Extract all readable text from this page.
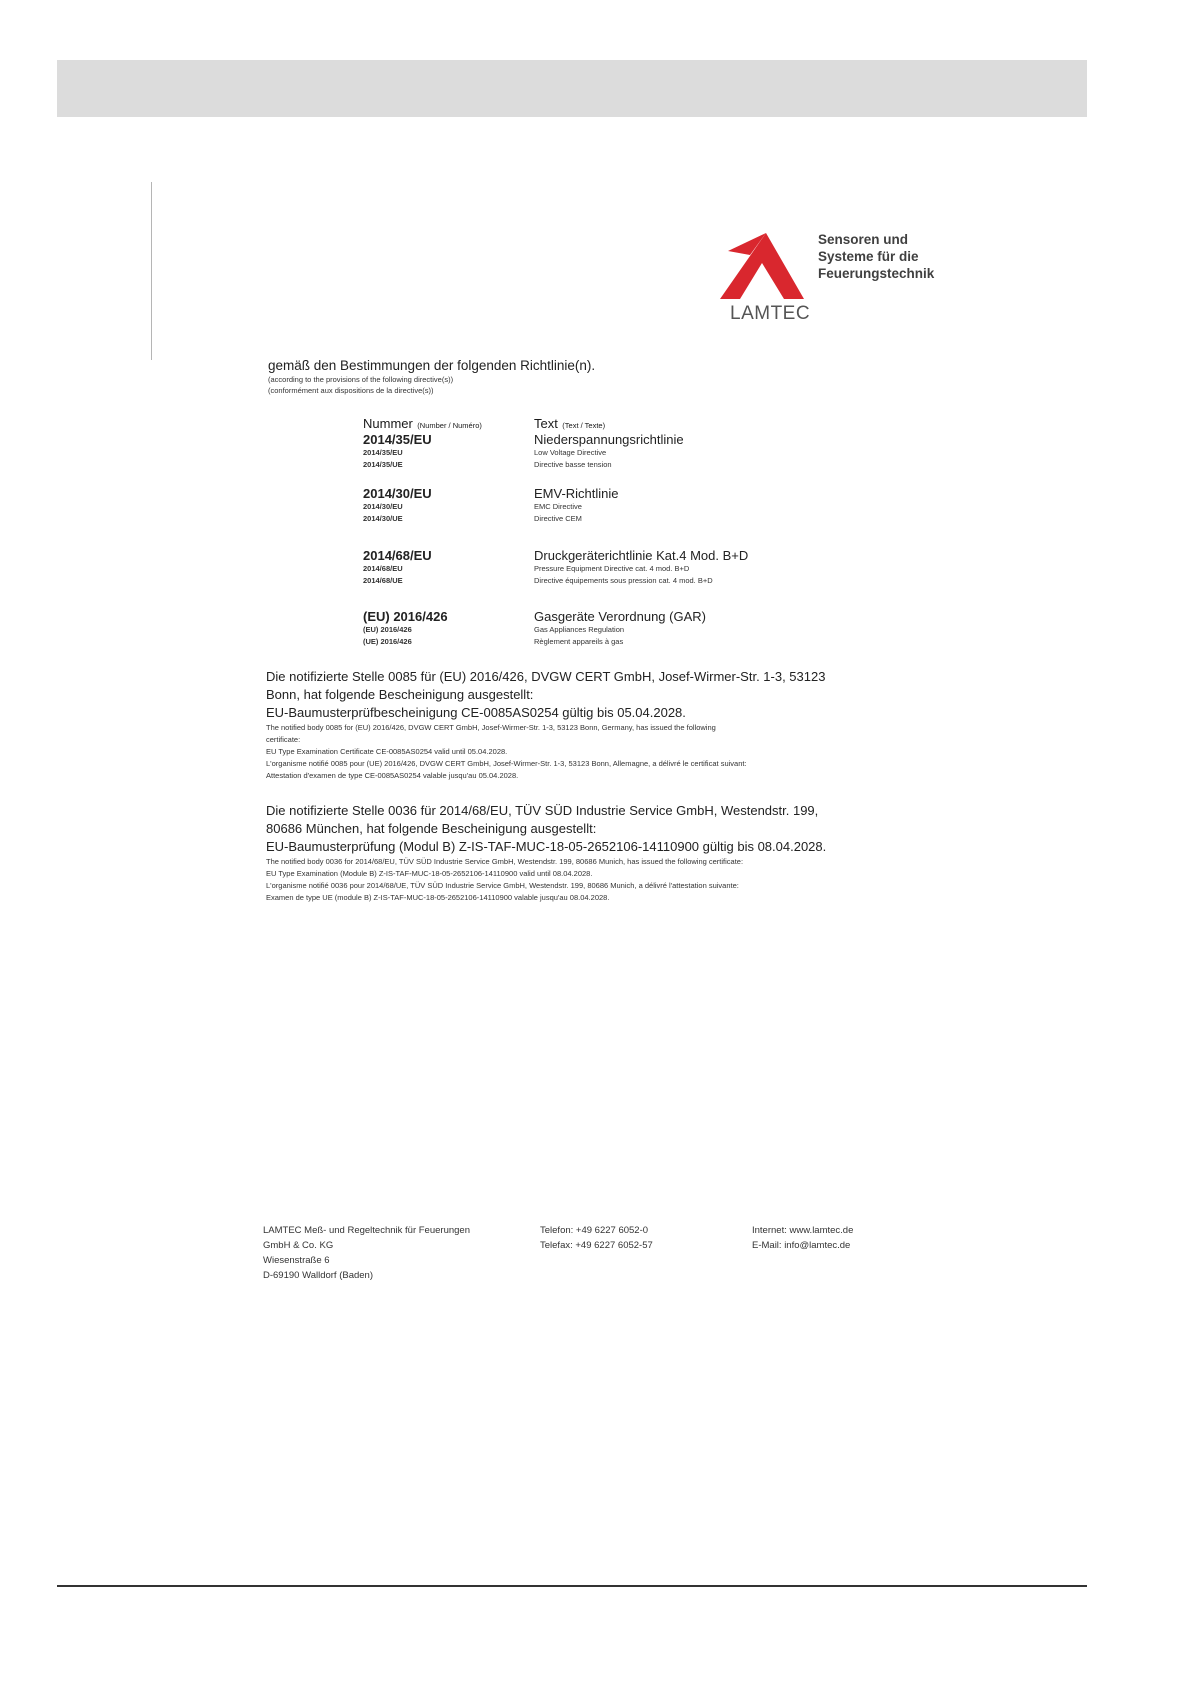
Sensoren und
Systeme für die
Feuerungstechnik
LAMTEC
gemäß den Bestimmungen der folgenden Richtlinie(n).
(according to the provisions of the following directive(s))
(conformément aux dispositions de la directive(s))
Nummer (Number / Numéro)	Text (Text / Texte)
2014/35/EU
2014/35/EU
2014/35/UE
Niederspannungsrichtlinie
Low Voltage Directive
Directive basse tension
2014/30/EU
2014/30/EU
2014/30/UE
EMV-Richtlinie
EMC Directive
Directive CEM
2014/68/EU
2014/68/EU
2014/68/UE
Druckgeräterichtlinie Kat.4 Mod. B+D
Pressure Equipment Directive cat. 4 mod. B+D
Directive équipements sous pression cat. 4 mod. B+D
(EU) 2016/426
(EU) 2016/426
(UE) 2016/426
Gasgeräte Verordnung (GAR)
Gas Appliances Regulation
Règlement appareils à gas
Die notifizierte Stelle 0085 für (EU) 2016/426, DVGW CERT GmbH, Josef-Wirmer-Str. 1-3, 53123
Bonn, hat folgende Bescheinigung ausgestellt:
EU-Baumusterprüfbescheinigung CE-0085AS0254 gültig bis 05.04.2028.
The notified body 0085 for (EU) 2016/426, DVGW CERT GmbH, Josef-Wirmer-Str. 1-3, 53123 Bonn, Germany, has issued the following
certificate:
EU Type Examination Certificate CE-0085AS0254 valid until 05.04.2028.
L'organisme notifié 0085 pour (UE) 2016/426, DVGW CERT GmbH, Josef-Wirmer-Str. 1-3, 53123 Bonn, Allemagne, a délivré le certificat suivant:
Attestation d'examen de type CE-0085AS0254 valable jusqu'au 05.04.2028.
Die notifizierte Stelle 0036 für 2014/68/EU, TÜV SÜD Industrie Service GmbH, Westendstr. 199,
80686 München, hat folgende Bescheinigung ausgestellt:
EU-Baumusterprüfung (Modul B) Z-IS-TAF-MUC-18-05-2652106-14110900 gültig bis 08.04.2028.
The notified body 0036 for 2014/68/EU, TÜV SÜD Industrie Service GmbH, Westendstr. 199, 80686 Munich, has issued the following certificate:
EU Type Examination (Module B) Z-IS-TAF-MUC-18-05-2652106-14110900 valid until 08.04.2028.
L'organisme notifié 0036 pour 2014/68/UE, TÜV SÜD Industrie Service GmbH, Westendstr. 199, 80686 Munich, a délivré l'attestation suivante:
Examen de type UE (module B) Z-IS-TAF-MUC-18-05-2652106-14110900 valable jusqu'au 08.04.2028.
LAMTEC Meß- und Regeltechnik für Feuerungen
GmbH & Co. KG
Wiesenstraße 6
D-69190 Walldorf (Baden)
Telefon: +49 6227 6052-0
Telefax: +49 6227 6052-57
Internet: www.lamtec.de
E-Mail: info@lamtec.de
